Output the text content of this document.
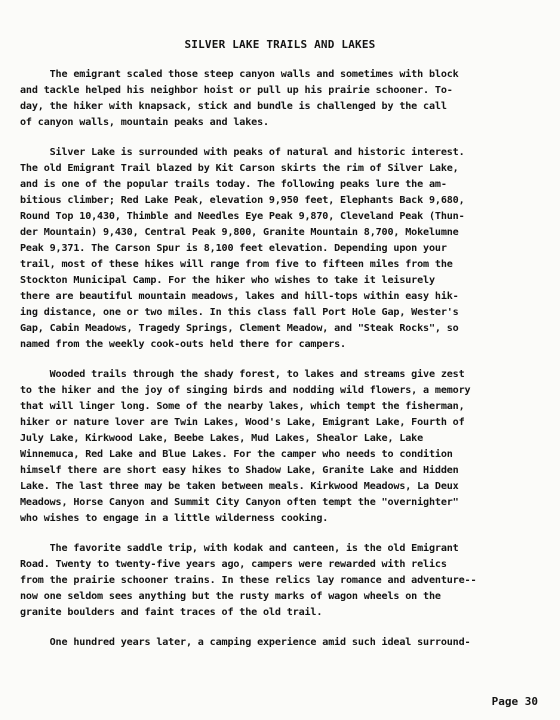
SILVER LAKE TRAILS AND LAKES
The emigrant scaled those steep canyon walls and sometimes with block
and tackle helped his neighbor hoist or pull up his prairie schooner. To-
day, the hiker with knapsack, stick and bundle is challenged by the call
of canyon walls, mountain peaks and lakes.
Silver Lake is surrounded with peaks of natural and historic interest.
The old Emigrant Trail blazed by Kit Carson skirts the rim of Silver Lake,
and is one of the popular trails today. The following peaks lure the am-
bitious climber; Red Lake Peak, elevation 9,950 feet, Elephants Back 9,680,
Round Top 10,430, Thimble and Needles Eye Peak 9,870, Cleveland Peak (Thun-
der Mountain) 9,430, Central Peak 9,800, Granite Mountain 8,700, Mokelumne
Peak 9,371. The Carson Spur is 8,100 feet elevation. Depending upon your
trail, most of these hikes will range from five to fifteen miles from the
Stockton Municipal Camp. For the hiker who wishes to take it leisurely
there are beautiful mountain meadows, lakes and hill-tops within easy hik-
ing distance, one or two miles. In this class fall Port Hole Gap, Wester's
Gap, Cabin Meadows, Tragedy Springs, Clement Meadow, and "Steak Rocks", so
named from the weekly cook-outs held there for campers.
Wooded trails through the shady forest, to lakes and streams give zest
to the hiker and the joy of singing birds and nodding wild flowers, a memory
that will linger long. Some of the nearby lakes, which tempt the fisherman,
hiker or nature lover are Twin Lakes, Wood's Lake, Emigrant Lake, Fourth of
July Lake, Kirkwood Lake, Beebe Lakes, Mud Lakes, Shealor Lake, Lake
Winnemuca, Red Lake and Blue Lakes. For the camper who needs to condition
himself there are short easy hikes to Shadow Lake, Granite Lake and Hidden
Lake. The last three may be taken between meals. Kirkwood Meadows, La Deux
Meadows, Horse Canyon and Summit City Canyon often tempt the "overnighter"
who wishes to engage in a little wilderness cooking.
The favorite saddle trip, with kodak and canteen, is the old Emigrant
Road. Twenty to twenty-five years ago, campers were rewarded with relics
from the prairie schooner trains. In these relics lay romance and adventure--
now one seldom sees anything but the rusty marks of wagon wheels on the
granite boulders and faint traces of the old trail.
One hundred years later, a camping experience amid such ideal surround-
Page 30
